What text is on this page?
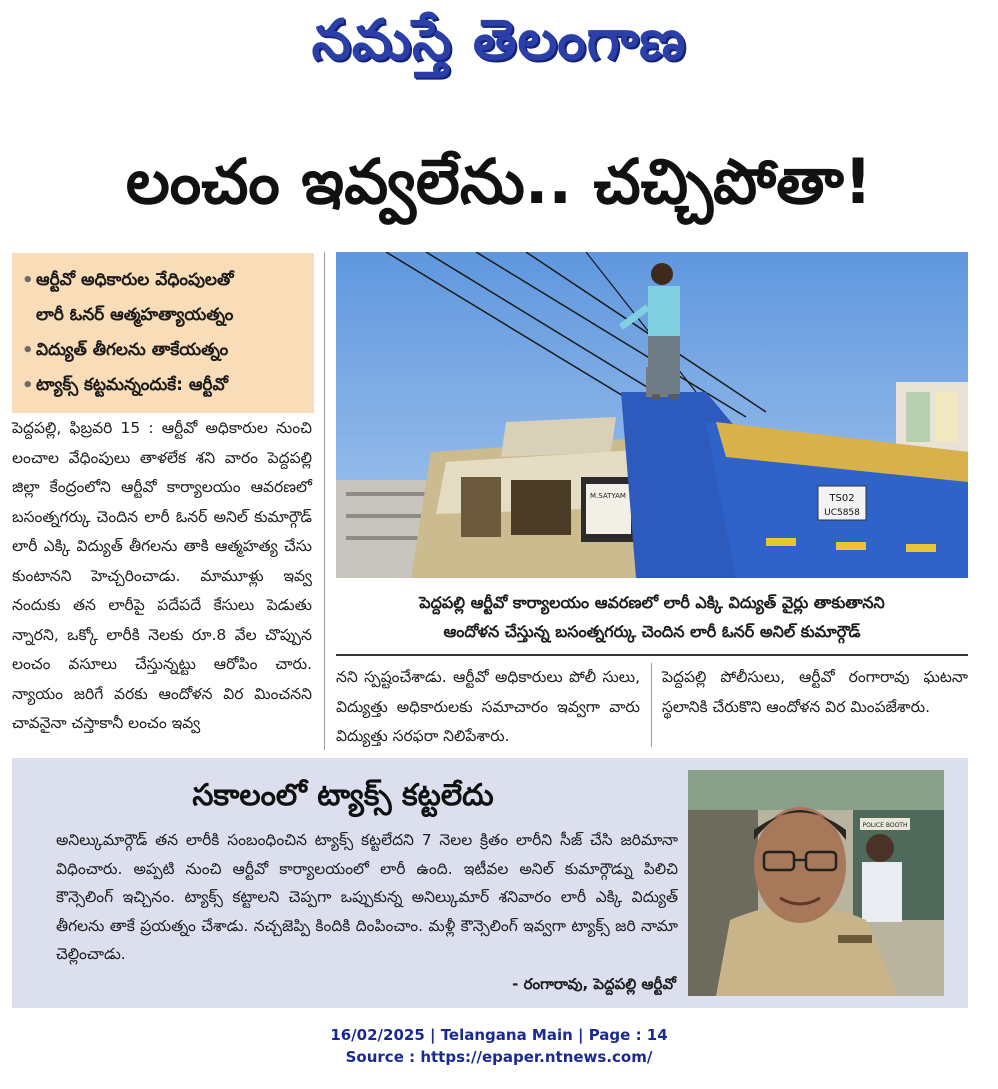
నమస్తే తెలంగాణ
లంచం ఇవ్వలేను.. చచ్చిపోతా!
• ఆర్టీవో అధికారుల వేధింపులతో
లారీ ఓనర్ ఆత్మహత్యాయత్నం
• విద్యుత్ తీగలను తాకేయత్నం
• ట్యాక్స్ కట్టమన్నందుకే: ఆర్టీవో
పెద్దపల్లి, ఫిబ్రవరి 15 : ఆర్టీవో అధికారుల నుంచి లంచాల వేధింపులు తాళలేక శని వారం పెద్దపల్లి జిల్లా కేంద్రంలోని ఆర్టీవో కార్యాలయం ఆవరణలో బసంత్నగర్కు చెందిన లారీ ఓనర్ అనిల్ కుమార్గౌడ్ లారీ ఎక్కి విద్యుత్ తీగలను తాకి ఆత్మహత్య చేసు కుంటానని హెచ్చరించాడు. మామూళ్లు ఇవ్వ నందుకు తన లారీపై పదేపదే కేసులు పెడుతు న్నారని, ఒక్కో లారీకి నెలకు రూ.8 వేల చొప్పున లంచం వసూలు చేస్తున్నట్టు ఆరోపిం చారు. న్యాయం జరిగే వరకు ఆందోళన విర మించనని చావనైనా చస్తాకానీ లంచం ఇవ్వ
M.SATYAM	TS02
UC5858
పెద్దపల్లి ఆర్టీవో కార్యాలయం ఆవరణలో లారీ ఎక్కి విద్యుత్ వైర్లు తాకుతానని
ఆందోళన చేస్తున్న బసంత్నగర్కు చెందిన లారీ ఓనర్ అనిల్ కుమార్గౌడ్
నని స్పష్టంచేశాడు. ఆర్టీవో అధికారులు పోలీ సులు, విద్యుత్తు అధికారులకు సమాచారం ఇవ్వగా వారు విద్యుత్తు సరఫరా నిలిపేశారు.
పెద్దపల్లి పోలీసులు, ఆర్టీవో రంగారావు ఘటనా స్థలానికి చేరుకొని ఆందోళన విర మింపజేశారు.
సకాలంలో ట్యాక్స్ కట్టలేదు
అనిల్కుమార్గౌడ్ తన లారీకి సంబంధించిన ట్యాక్స్ కట్టలేదని 7 నెలల క్రితం లారీని సీజ్ చేసి జరిమానా విధించారు. అప్పటి నుంచి ఆర్టీవో కార్యాలయంలో లారీ ఉంది. ఇటీవల అనిల్ కుమార్గౌడ్ను పిలిచి కౌన్సెలింగ్ ఇచ్చినం. ట్యాక్స్ కట్టాలని చెప్పగా ఒప్పుకున్న అనిల్కుమార్ శనివారం లారీ ఎక్కి విద్యుత్ తీగలను తాకే ప్రయత్నం చేశాడు. నచ్చజెప్పి కిందికి దింపించాం. మళ్లీ కౌన్సెలింగ్ ఇవ్వగా ట్యాక్స్ జరి నామా చెల్లించాడు.
- రంగారావు, పెద్దపల్లి ఆర్టీవో
POLICE BOOTH
16/02/2025 | Telangana Main | Page : 14
Source : https://epaper.ntnews.com/
